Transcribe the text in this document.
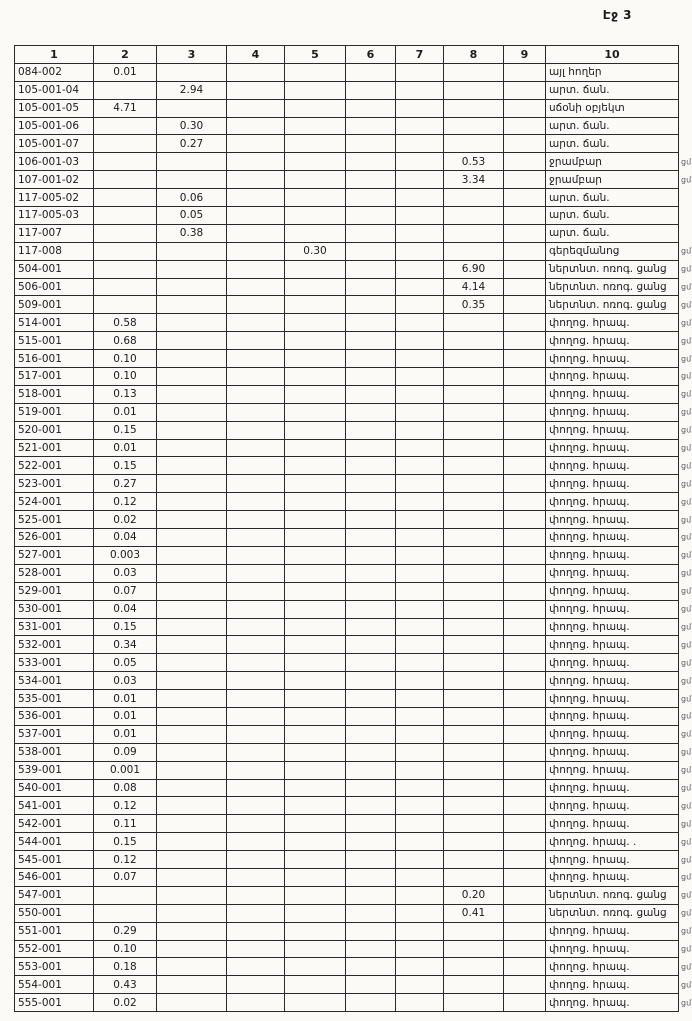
Էջ 3
1	2	3	4	5	6	7	8	9	10
084-002	0.01								այլ հողեր
105-001-04		2.94							արտ. ճան.
105-001-05	4.71								սճօնի օբյեկտ
105-001-06		0.30							արտ. ճան.
105-001-07		0.27							արտ. ճան.
106-001-03							0.53		ջրամբար ցմ

107-001-02							3.34		ջրամբար ցմ

117-005-02		0.06							արտ. ճան.
117-005-03		0.05							արտ. ճան.
117-007		0.38							արտ. ճան.
117-008				0.30					գերեզմանոց ցմ

504-001							6.90		ներտնտ. ոռոգ. ցանց ցմ

506-001							4.14		ներտնտ. ոռոգ. ցանց ցմ

509-001							0.35		ներտնտ. ոռոգ. ցանց ցմ

514-001	0.58								փողոց. հրապ. ցմ

515-001	0.68								փողոց. հրապ. ցմ

516-001	0.10								փողոց. հրապ. ցմ

517-001	0.10								փողոց. հրապ. ցմ

518-001	0.13								փողոց. հրապ. ցմ

519-001	0.01								փողոց. հրապ. ցմ

520-001	0.15								փողոց. հրապ. ցմ

521-001	0.01								փողոց. հրապ. ցմ

522-001	0.15								փողոց. հրապ. ցմ

523-001	0.27								փողոց. հրապ. ցմ

524-001	0.12								փողոց. հրապ. ցմ

525-001	0.02								փողոց. հրապ. ցմ

526-001	0.04								փողոց. հրապ. ցմ

527-001	0.003								փողոց. հրապ. ցմ

528-001	0.03								փողոց. հրապ. ցմ

529-001	0.07								փողոց. հրապ. ցմ

530-001	0.04								փողոց. հրապ. ցմ

531-001	0.15								փողոց. հրապ. ցմ

532-001	0.34								փողոց. հրապ. ցմ

533-001	0.05								փողոց. հրապ. ցմ

534-001	0.03								փողոց. հրապ. ցմ

535-001	0.01								փողոց. հրապ. ցմ

536-001	0.01								փողոց. հրապ. ցմ

537-001	0.01								փողոց. հրապ. ցմ

538-001	0.09								փողոց. հրապ. ցմ

539-001	0.001								փողոց. հրապ. ցմ

540-001	0.08								փողոց. հրապ. ցմ

541-001	0.12								փողոց. հրապ. ցմ

542-001	0.11								փողոց. հրապ. ցմ

544-001	0.15								փողոց. հրապ. . ցմ

545-001	0.12								փողոց. հրապ. ցմ

546-001	0.07								փողոց. հրապ. ցմ

547-001							0.20		ներտնտ. ոռոգ. ցանց ցմ

550-001							0.41		ներտնտ. ոռոգ. ցանց ցմ

551-001	0.29								փողոց. հրապ. ցմ

552-001	0.10								փողոց. հրապ. ցմ

553-001	0.18								փողոց. հրապ. ցմ

554-001	0.43								փողոց. հրապ. ցմ

555-001	0.02								փողոց. հրապ. ցմ
